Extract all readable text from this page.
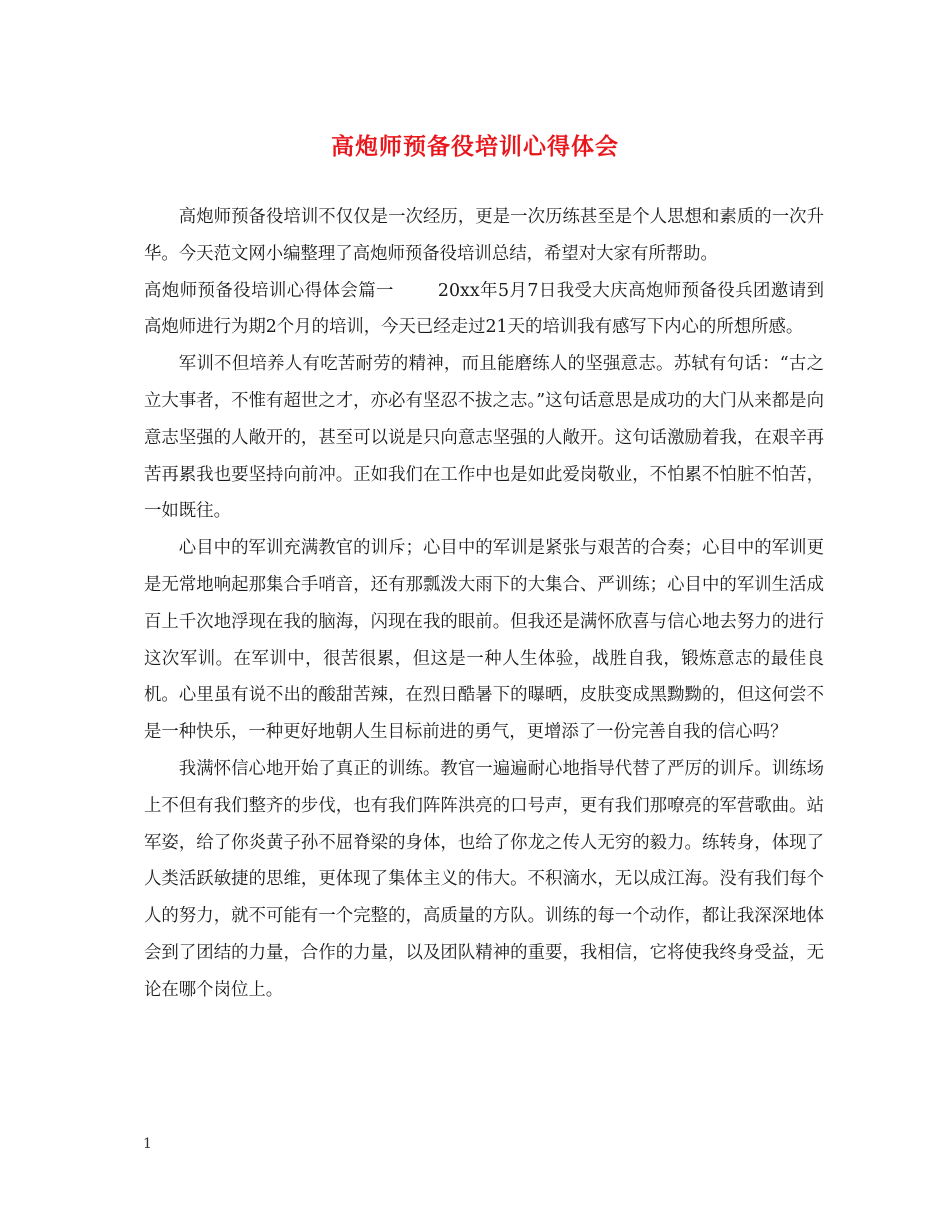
高炮师预备役培训心得体会

高炮师预备役培训不仅仅是一次经历，更是一次历练甚至是个人思想和素质的一次升华。今天范文网小编整理了高炮师预备役培训总结，希望对大家有所帮助。

高炮师预备役培训心得体会篇一	20xx年5月7日我受大庆高炮师预备役兵团邀请到高炮师进行为期2个月的培训，今天已经走过21天的培训我有感写下内心的所想所感。

军训不但培养人有吃苦耐劳的精神，而且能磨练人的坚强意志。苏轼有句话：“古之立大事者，不惟有超世之才，亦必有坚忍不拔之志。”这句话意思是成功的大门从来都是向意志坚强的人敞开的，甚至可以说是只向意志坚强的人敞开。这句话激励着我，在艰辛再苦再累我也要坚持向前冲。正如我们在工作中也是如此爱岗敬业，不怕累不怕脏不怕苦，一如既往。

心目中的军训充满教官的训斥；心目中的军训是紧张与艰苦的合奏；心目中的军训更是无常地响起那集合手哨音，还有那瓢泼大雨下的大集合、严训练；心目中的军训生活成百上千次地浮现在我的脑海，闪现在我的眼前。但我还是满怀欣喜与信心地去努力的进行这次军训。在军训中，很苦很累，但这是一种人生体验，战胜自我，锻炼意志的最佳良机。心里虽有说不出的酸甜苦辣，在烈日酷暑下的曝晒，皮肤变成黑黝黝的，但这何尝不是一种快乐，一种更好地朝人生目标前进的勇气，更增添了一份完善自我的信心吗？

我满怀信心地开始了真正的训练。教官一遍遍耐心地指导代替了严厉的训斥。训练场上不但有我们整齐的步伐，也有我们阵阵洪亮的口号声，更有我们那嘹亮的军营歌曲。站军姿，给了你炎黄子孙不屈脊梁的身体，也给了你龙之传人无穷的毅力。练转身，体现了人类活跃敏捷的思维，更体现了集体主义的伟大。不积滴水，无以成江海。没有我们每个人的努力，就不可能有一个完整的，高质量的方队。训练的每一个动作，都让我深深地体会到了团结的力量，合作的力量，以及团队精神的重要，我相信，它将使我终身受益，无论在哪个岗位上。

1
